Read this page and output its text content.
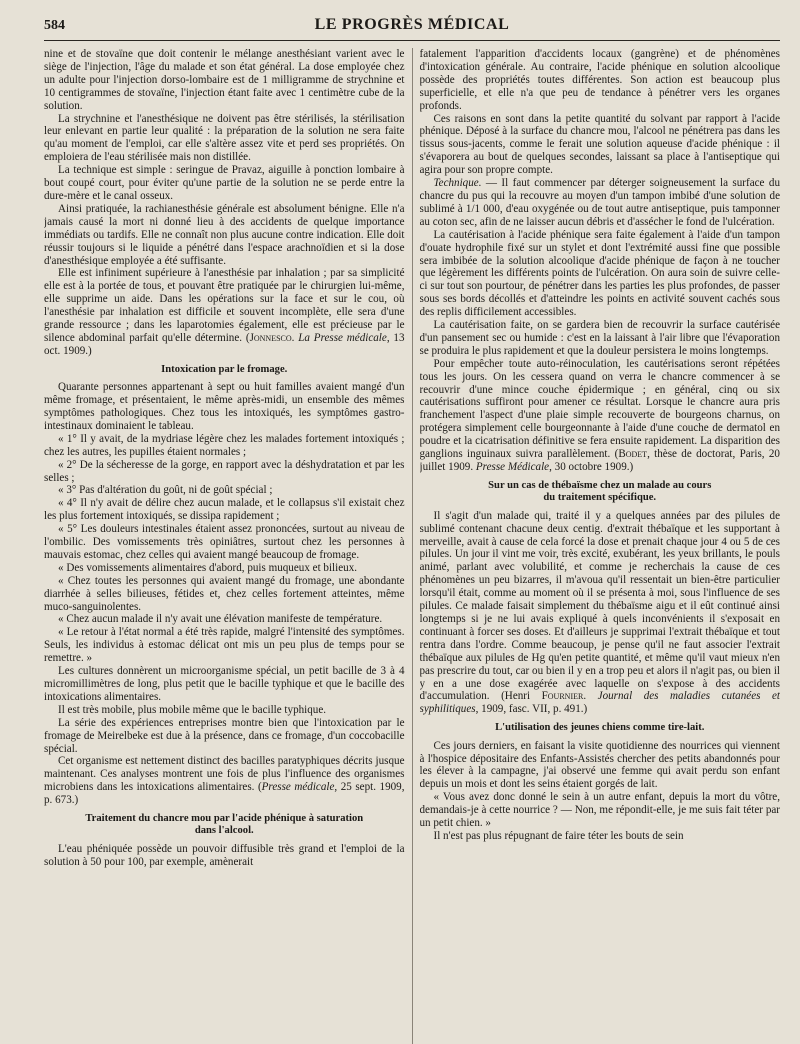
584	LE PROGRÈS MÉDICAL

nine et de stovaïne que doit contenir le mélange anesthésiant varient avec le siège de l'injection, l'âge du malade et son état général. La dose employée chez un adulte pour l'injection dorso-lombaire est de 1 milligramme de strychnine et 10 centigrammes de stovaïne, l'injection étant faite avec 1 centimètre cube de la solution.

La strychnine et l'anesthésique ne doivent pas être stérilisés, la stérilisation leur enlevant en partie leur qualité : la préparation de la solution ne sera faite qu'au moment de l'emploi, car elle s'altère assez vite et perd ses propriétés. On emploiera de l'eau stérilisée mais non distillée.

La technique est simple : seringue de Pravaz, aiguille à ponction lombaire à bout coupé court, pour éviter qu'une partie de la solution ne se perde entre la dure-mère et le canal osseux.

Ainsi pratiquée, la rachianesthésie générale est absolument bénigne. Elle n'a jamais causé la mort ni donné lieu à des accidents de quelque importance immédiats ou tardifs. Elle ne connaît non plus aucune contre indication. Elle doit réussir toujours si le liquide a pénétré dans l'espace arachnoïdien et si la dose d'anesthésique employée a été suffisante.

Elle est infiniment supérieure à l'anesthésie par inhalation ; par sa simplicité elle est à la portée de tous, et pouvant être pratiquée par le chirurgien lui-même, elle supprime un aide. Dans les opérations sur la face et sur le cou, où l'anesthésie par inhalation est difficile et souvent incomplète, elle sera d'une grande ressource ; dans les laparotomies également, elle est précieuse par le silence abdominal parfait qu'elle détermine. (Jonnesco. La Presse médicale, 13 oct. 1909.)

Intoxication par le fromage.

Quarante personnes appartenant à sept ou huit familles avaient mangé d'un même fromage, et présentaient, le même après-midi, un ensemble des mêmes symptômes pathologiques. Chez tous les intoxiqués, les symptômes gastro-intestinaux dominaient le tableau.

« 1° Il y avait, de la mydriase légère chez les malades fortement intoxiqués ; chez les autres, les pupilles étaient normales ;

« 2° De la sécheresse de la gorge, en rapport avec la déshydratation et par les selles ;

« 3° Pas d'altération du goût, ni de goût spécial ;

« 4° Il n'y avait de délire chez aucun malade, et le collapsus s'il existait chez les plus fortement intoxiqués, se dissipa rapidement ;

« 5° Les douleurs intestinales étaient assez prononcées, surtout au niveau de l'ombilic. Des vomissements très opiniâtres, surtout chez les personnes à mauvais estomac, chez celles qui avaient mangé beaucoup de fromage.

« Des vomissements alimentaires d'abord, puis muqueux et bilieux.

« Chez toutes les personnes qui avaient mangé du fromage, une abondante diarrhée à selles bilieuses, fétides et, chez celles fortement atteintes, même muco-sanguinolentes.

« Chez aucun malade il n'y avait une élévation manifeste de température.

« Le retour à l'état normal a été très rapide, malgré l'intensité des symptômes. Seuls, les individus à estomac délicat ont mis un peu plus de temps pour se remettre. »

Les cultures donnèrent un microorganisme spécial, un petit bacille de 3 à 4 micromillimètres de long, plus petit que le bacille typhique et que le bacille des intoxications alimentaires.

Il est très mobile, plus mobile même que le bacille typhique.

La série des expériences entreprises montre bien que l'intoxication par le fromage de Meirelbeke est due à la présence, dans ce fromage, d'un coccobacille spécial.

Cet organisme est nettement distinct des bacilles paratyphiques décrits jusque maintenant. Ces analyses montrent une fois de plus l'influence des organismes microbiens dans les intoxications alimentaires. (Presse médicale, 25 sept. 1909, p. 673.)

Traitement du chancre mou par l'acide phénique à saturation
dans l'alcool.

L'eau phéniquée possède un pouvoir diffusible très grand et l'emploi de la solution à 50 pour 100, par exemple, amènerait

fatalement l'apparition d'accidents locaux (gangrène) et de phénomènes d'intoxication générale. Au contraire, l'acide phénique en solution alcoolique possède des propriétés toutes différentes. Son action est beaucoup plus superficielle, et elle n'a que peu de tendance à pénétrer vers les organes profonds.

Ces raisons en sont dans la petite quantité du solvant par rapport à l'acide phénique. Déposé à la surface du chancre mou, l'alcool ne pénétrera pas dans les tissus sous-jacents, comme le ferait une solution aqueuse d'acide phénique : il s'évaporera au bout de quelques secondes, laissant sa place à l'antiseptique qui agira pour son propre compte.

Technique. — Il faut commencer par déterger soigneusement la surface du chancre du pus qui la recouvre au moyen d'un tampon imbibé d'une solution de sublimé à 1/1 000, d'eau oxygénée ou de tout autre antiseptique, puis tamponner au coton sec, afin de ne laisser aucun débris et d'assécher le fond de l'ulcération.

La cautérisation à l'acide phénique sera faite également à l'aide d'un tampon d'ouate hydrophile fixé sur un stylet et dont l'extrémité aussi fine que possible sera imbibée de la solution alcoolique d'acide phénique de façon à ne toucher que légèrement les différents points de l'ulcération. On aura soin de suivre celle-ci sur tout son pourtour, de pénétrer dans les parties les plus profondes, de passer sous ses bords décollés et d'atteindre les points en activité souvent cachés sous des replis difficilement accessibles.

La cautérisation faite, on se gardera bien de recouvrir la surface cautérisée d'un pansement sec ou humide : c'est en la laissant à l'air libre que l'évaporation se produira le plus rapidement et que la douleur persistera le moins longtemps.

Pour empêcher toute auto-réinoculation, les cautérisations seront répétées tous les jours. On les cessera quand on verra le chancre commencer à se recouvrir d'une mince couche épidermique ; en général, cinq ou six cautérisations suffiront pour amener ce résultat. Lorsque le chancre aura pris franchement l'aspect d'une plaie simple recouverte de bourgeons charnus, on protégera simplement celle bourgeonnante à l'aide d'une couche de dermatol en poudre et la cicatrisation définitive se fera ensuite rapidement. La disparition des ganglions inguinaux suivra parallèlement. (Bodet, thèse de doctorat, Paris, 20 juillet 1909. Presse Médicale, 30 octobre 1909.)

Sur un cas de thébaïsme chez un malade au cours
du traitement spécifique.

Il s'agit d'un malade qui, traité il y a quelques années par des pilules de sublimé contenant chacune deux centig. d'extrait thébaïque et les supportant à merveille, avait à cause de cela forcé la dose et prenait chaque jour 4 ou 5 de ces pilules. Un jour il vint me voir, très excité, exubérant, les yeux brillants, le pouls animé, parlant avec volubilité, et comme je recherchais la cause de ces phénomènes un peu bizarres, il m'avoua qu'il ressentait un bien-être particulier lorsqu'il était, comme au moment où il se présenta à moi, sous l'influence de ses pilules. Ce malade faisait simplement du thébaïsme aigu et il eût continué ainsi longtemps si je ne lui avais expliqué à quels inconvénients il s'exposait en continuant à forcer ses doses. Et d'ailleurs je supprimai l'extrait thébaïque et tout rentra dans l'ordre. Comme beaucoup, je pense qu'il ne faut associer l'extrait thébaïque aux pilules de Hg qu'en petite quantité, et même qu'il vaut mieux n'en pas prescrire du tout, car ou bien il y en a trop peu et alors il n'agit pas, ou bien il y en a une dose exagérée avec laquelle on s'expose à des accidents d'accumulation. (Henri Fournier. Journal des maladies cutanées et syphilitiques, 1909, fasc. VII, p. 491.)

L'utilisation des jeunes chiens comme tire-lait.

Ces jours derniers, en faisant la visite quotidienne des nourrices qui viennent à l'hospice dépositaire des Enfants-Assistés chercher des petits abandonnés pour les élever à la campagne, j'ai observé une femme qui avait perdu son enfant depuis un mois et dont les seins étaient gorgés de lait.

« Vous avez donc donné le sein à un autre enfant, depuis la mort du vôtre, demandais-je à cette nourrice ? — Non, me répondit-elle, je me suis fait téter par un petit chien. »

Il n'est pas plus répugnant de faire téter les bouts de sein
